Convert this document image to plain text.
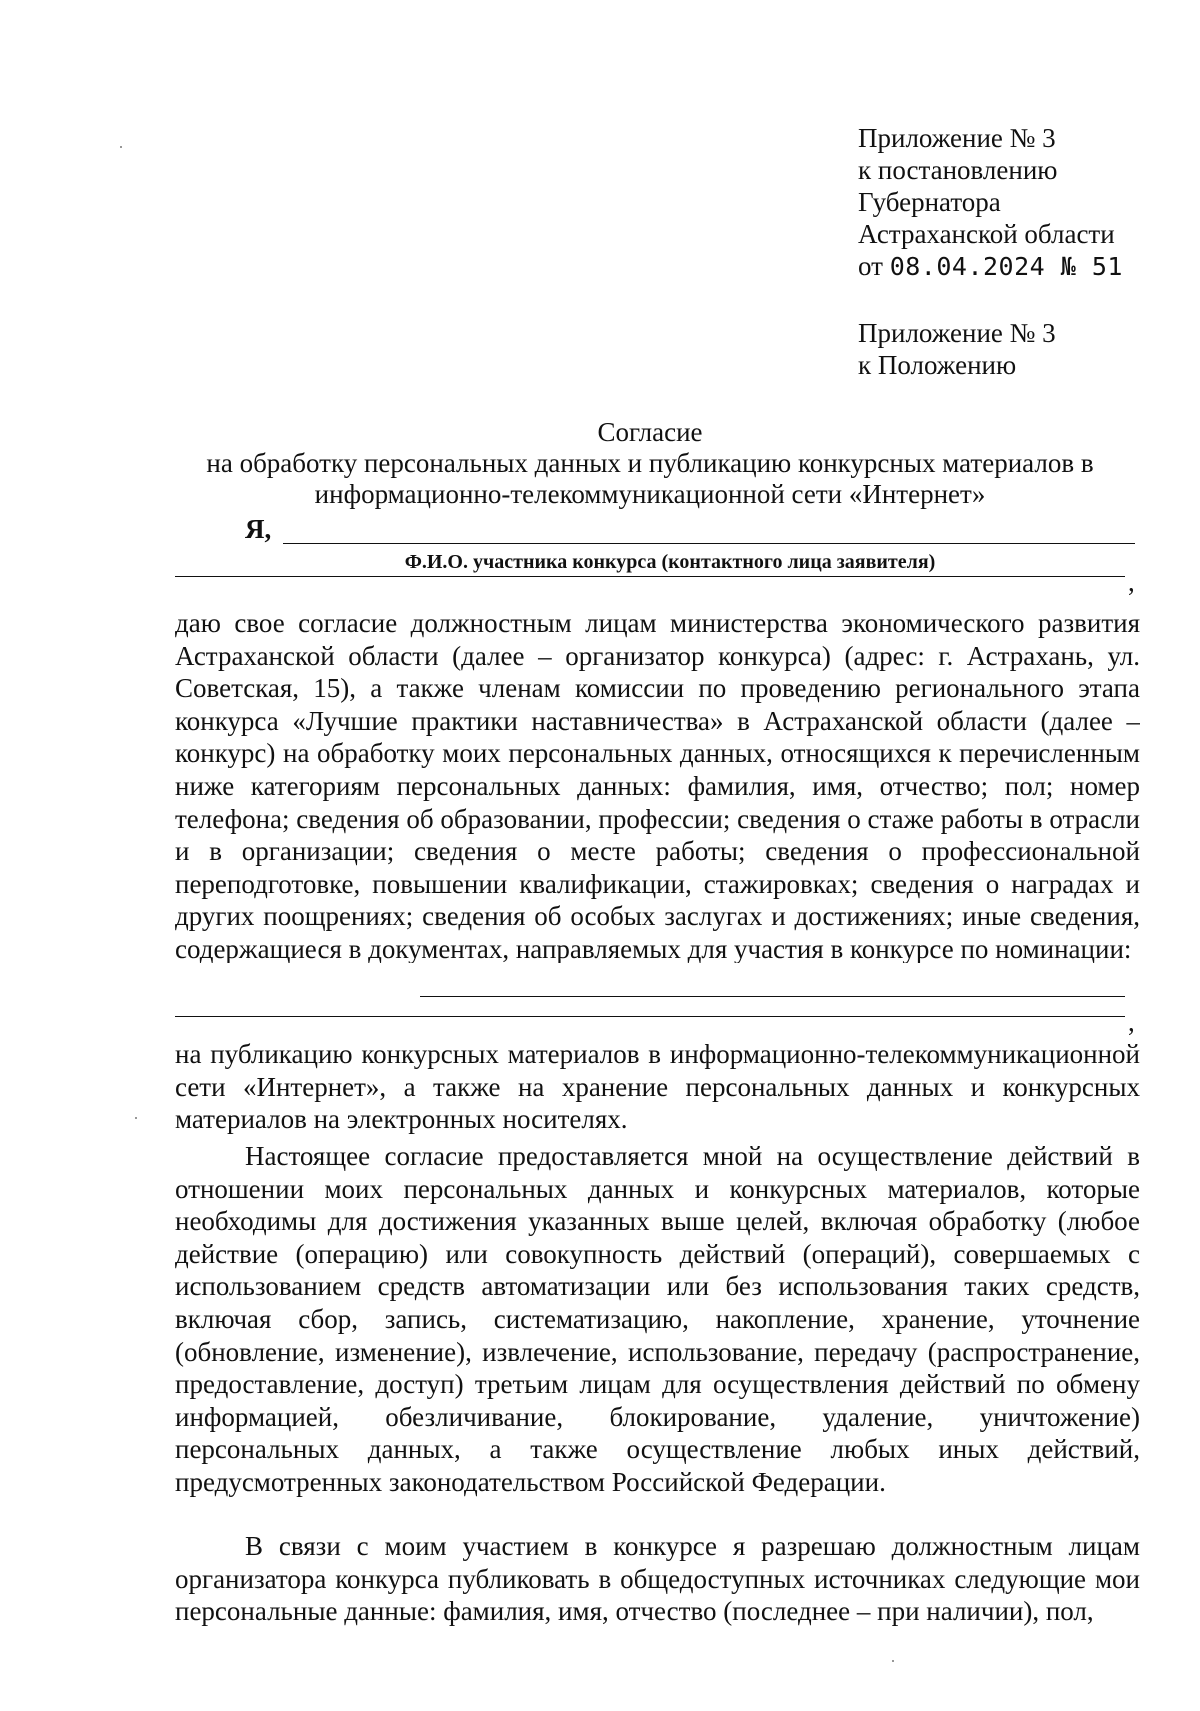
Приложение № 3
к постановлению
Губернатора
Астраханской области
от 08.04.2024 № 51
Приложение № 3
к Положению
Согласие
на обработку персональных данных и публикацию конкурсных материалов в
информационно-телекоммуникационной сети «Интернет»
Я,
Ф.И.О. участника конкурса (контактного лица заявителя)
,
даю свое согласие должностным лицам министерства экономического развития Астраханской области (далее – организатор конкурса) (адрес: г. Астрахань, ул. Советская, 15), а также членам комиссии по проведению регионального этапа конкурса «Лучшие практики наставничества» в Астраханской области (далее – конкурс) на обработку моих персональных данных, относящихся к перечисленным ниже категориям персональных данных: фамилия, имя, отчество; пол; номер телефона; сведения об образовании, профессии; сведения о стаже работы в отрасли и в организации; сведения о месте работы; сведения о профессиональной переподготовке, повышении квалификации, стажировках; сведения о наградах и других поощрениях; сведения об особых заслугах и достижениях; иные сведения, содержащиеся в документах, направляемых для участия в конкурсе по номинации:
,
на публикацию конкурсных материалов в информационно-телекоммуникационной сети «Интернет», а также на хранение персональных данных и конкурсных материалов на электронных носителях.
Настоящее согласие предоставляется мной на осуществление действий в отношении моих персональных данных и конкурсных материалов, которые необходимы для достижения указанных выше целей, включая обработку (любое действие (операцию) или совокупность действий (операций), совершаемых с использованием средств автоматизации или без использования таких средств, включая сбор, запись, систематизацию, накопление, хранение, уточнение (обновление, изменение), извлечение, использование, передачу (распространение, предоставление, доступ) третьим лицам для осуществления действий по обмену информацией, обезличивание, блокирование, удаление, уничтожение) персональных данных, а также осуществление любых иных действий, предусмотренных законодательством Российской Федерации.
В связи с моим участием в конкурсе я разрешаю должностным лицам организатора конкурса публиковать в общедоступных источниках следующие мои персональные данные: фамилия, имя, отчество (последнее – при наличии), пол,
